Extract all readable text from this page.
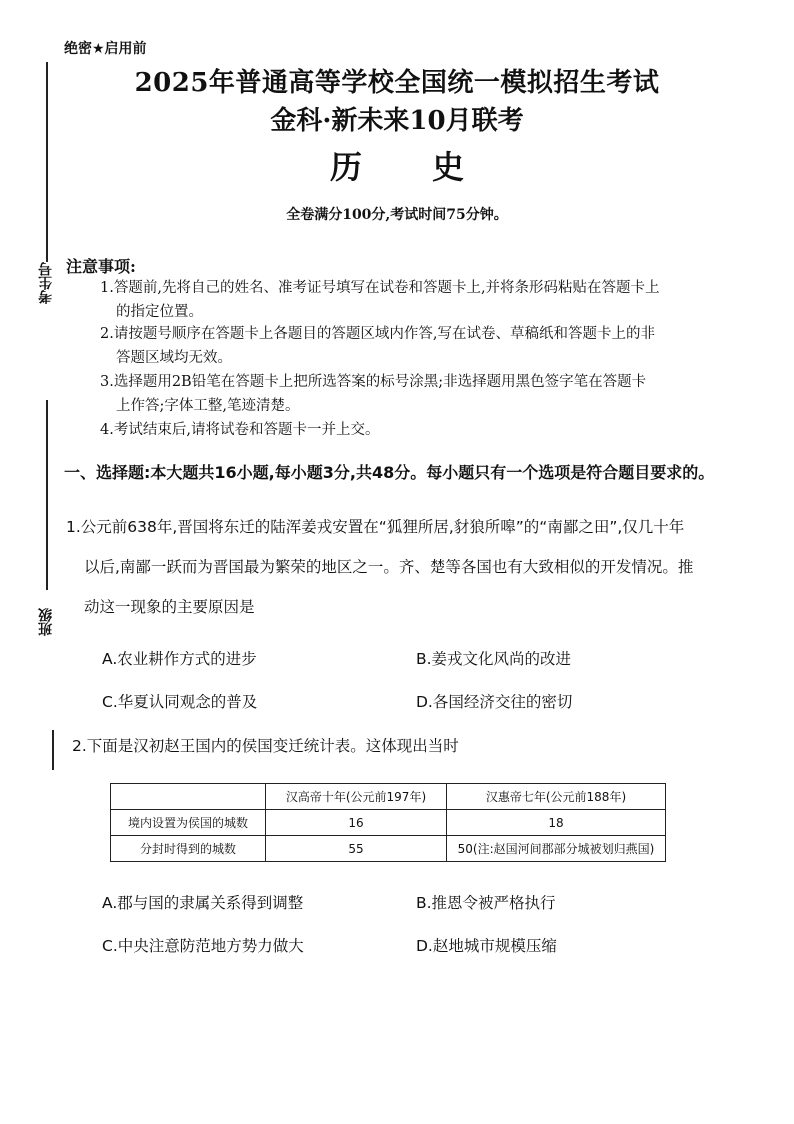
考生号
班级
绝密★启用前
2025年普通高等学校全国统一模拟招生考试
金科·新未来10月联考
历史
全卷满分100分,考试时间75分钟。
注意事项:
1.答题前,先将自己的姓名、准考证号填写在试卷和答题卡上,并将条形码粘贴在答题卡上
的指定位置。
2.请按题号顺序在答题卡上各题目的答题区域内作答,写在试卷、草稿纸和答题卡上的非
答题区域均无效。
3.选择题用2B铅笔在答题卡上把所选答案的标号涂黑;非选择题用黑色签字笔在答题卡
上作答;字体工整,笔迹清楚。
4.考试结束后,请将试卷和答题卡一并上交。
一、选择题:本大题共16小题,每小题3分,共48分。每小题只有一个选项是符合题目要求的。
1.公元前638年,晋国将东迁的陆浑姜戎安置在“狐狸所居,豺狼所嗥”的“南鄙之田”,仅几十年
以后,南鄙一跃而为晋国最为繁荣的地区之一。齐、楚等各国也有大致相似的开发情况。推
动这一现象的主要原因是
A.农业耕作方式的进步	B.姜戎文化风尚的改进
C.华夏认同观念的普及	D.各国经济交往的密切
2.下面是汉初赵王国内的侯国变迁统计表。这体现出当时
	汉高帝十年(公元前197年)	汉惠帝七年(公元前188年)
境内设置为侯国的城数	16	18
分封时得到的城数	55	50(注:赵国河间郡部分城被划归燕国)
A.郡与国的隶属关系得到调整	B.推恩令被严格执行
C.中央注意防范地方势力做大	D.赵地城市规模压缩
